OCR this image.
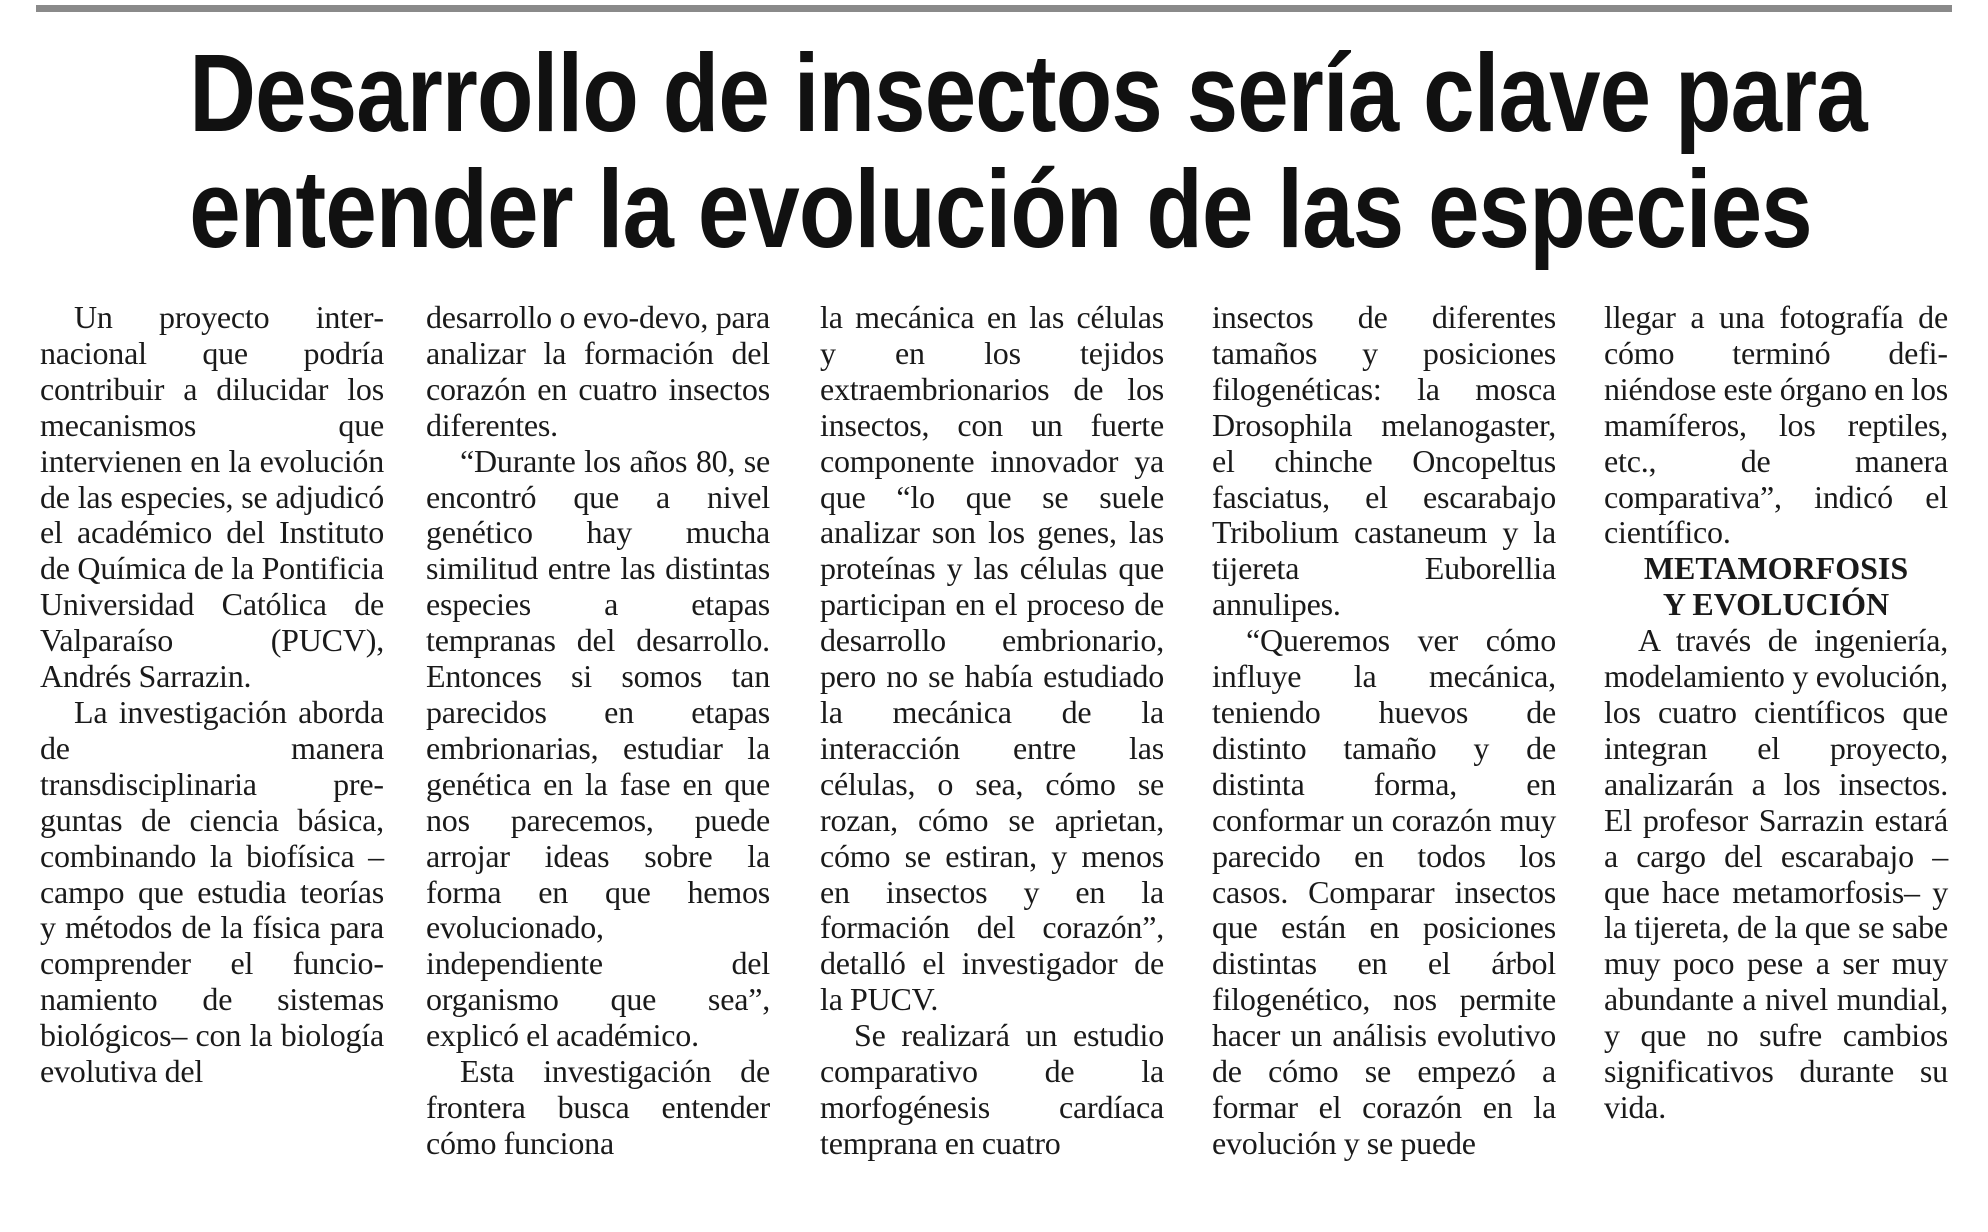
Desarrollo de insectos sería clave para
entender la evolución de las especies

Un proyecto internacional que podría contribuir a dilucidar los mecanismos que intervienen en la evolución de las especies, se adjudicó el académico del Instituto de Química de la Pontificia Universidad Católica de Valparaíso (PUCV), Andrés Sarrazin.

La investigación aborda de manera transdisciplinaria preguntas de ciencia básica, combinando la biofísica –campo que estudia teorías y métodos de la física para comprender el funcionamiento de sistemas biológicos– con la biología evolutiva del

desarrollo o evo-devo, para analizar la formación del corazón en cuatro insectos diferentes.

“Durante los años 80, se encontró que a nivel genético hay mucha similitud entre las distintas especies a etapas tempranas del desarrollo. Entonces si somos tan parecidos en etapas embrionarias, estudiar la genética en la fase en que nos parecemos, puede arrojar ideas sobre la forma en que hemos evolucionado, independiente del organismo que sea”, explicó el académico.

Esta investigación de frontera busca entender cómo funciona

la mecánica en las células y en los tejidos extraembrionarios de los insectos, con un fuerte componente innovador ya que “lo que se suele analizar son los genes, las proteínas y las células que participan en el proceso de desarrollo embrionario, pero no se había estudiado la mecánica de la interacción entre las células, o sea, cómo se rozan, cómo se aprietan, cómo se estiran, y menos en insectos y en la formación del corazón”, detalló el investigador de la PUCV.

Se realizará un estudio comparativo de la morfogénesis cardíaca temprana en cuatro

insectos de diferentes tamaños y posiciones filogenéticas: la mosca Drosophila melanogaster, el chinche Oncopeltus fasciatus, el escarabajo Tribolium castaneum y la tijereta Euborellia annulipes.

“Queremos ver cómo influye la mecánica, teniendo huevos de distinto tamaño y de distinta forma, en conformar un corazón muy parecido en todos los casos. Comparar insectos que están en posiciones distintas en el árbol filogenético, nos permite hacer un análisis evolutivo de cómo se empezó a formar el corazón en la evolución y se puede

llegar a una fotografía de cómo terminó definiéndose este órgano en los mamíferos, los reptiles, etc., de manera comparativa”, indicó el científico.

METAMORFOSIS
Y EVOLUCIÓN

A través de ingeniería, modelamiento y evolución, los cuatro científicos que integran el proyecto, analizarán a los insectos. El profesor Sarrazin estará a cargo del escarabajo –que hace metamorfosis– y la tijereta, de la que se sabe muy poco pese a ser muy abundante a nivel mundial, y que no sufre cambios significativos durante su vida.
